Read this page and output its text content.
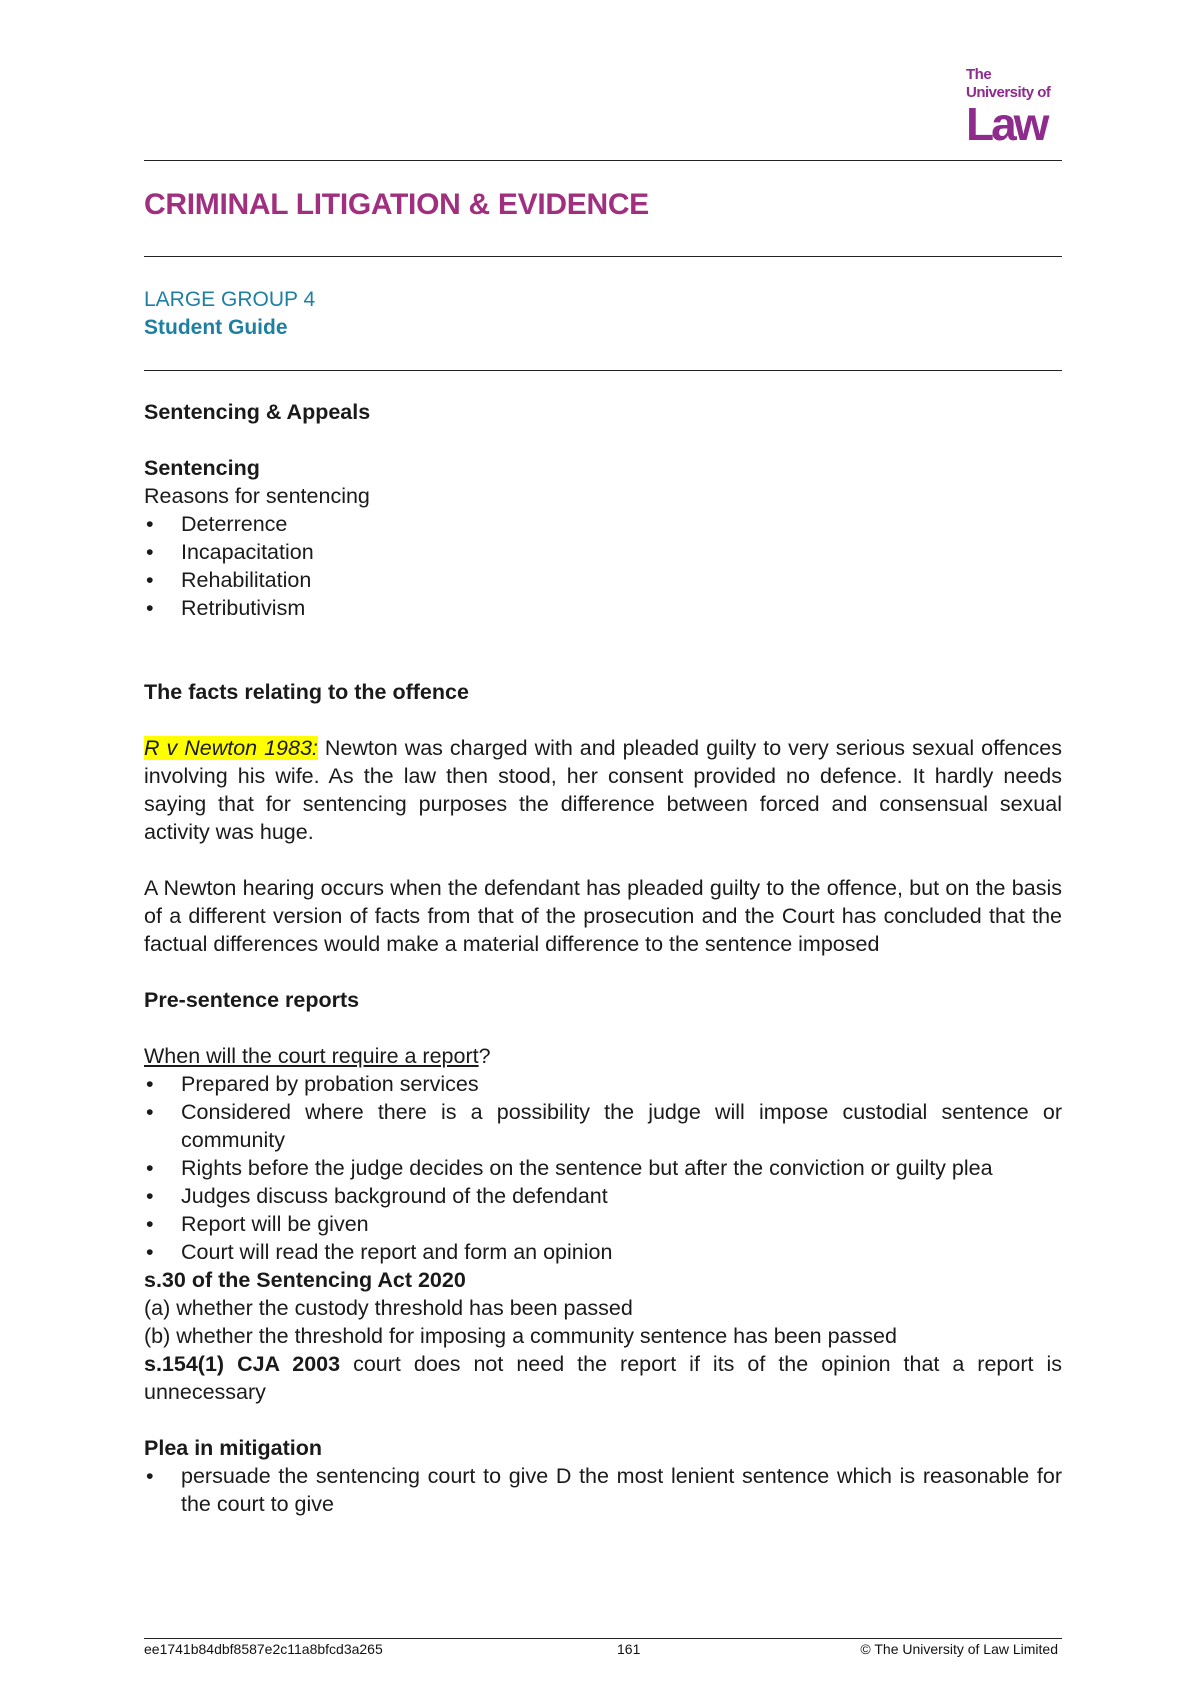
The
University of
Law
CRIMINAL LITIGATION & EVIDENCE
LARGE GROUP 4
Student Guide

Sentencing & Appeals

Sentencing

Reasons for sentencing

• Deterrence
• Incapacitation
• Rehabilitation
• Retributivism

The facts relating to the offence

R v Newton 1983: Newton was charged with and pleaded guilty to very serious sexual offences involving his wife. As the law then stood, her consent provided no defence. It hardly needs saying that for sentencing purposes the difference between forced and consensual sexual activity was huge.

A Newton hearing occurs when the defendant has pleaded guilty to the offence, but on the basis of a different version of facts from that of the prosecution and the Court has concluded that the factual differences would make a material difference to the sentence imposed

Pre-sentence reports

When will the court require a report?

• Prepared by probation services
• Considered where there is a possibility the judge will impose custodial sentence or community
• Rights before the judge decides on the sentence but after the conviction or guilty plea
• Judges discuss background of the defendant
• Report will be given
• Court will read the report and form an opinion

s.30 of the Sentencing Act 2020

(a) whether the custody threshold has been passed

(b) whether the threshold for imposing a community sentence has been passed

s.154(1) CJA 2003 court does not need the report if its of the opinion that a report is unnecessary

Plea in mitigation

• persuade the sentencing court to give D the most lenient sentence which is reasonable for the court to give
ee1741b84dbf8587e2c11a8bfcd3a265	161	© The University of Law Limited
